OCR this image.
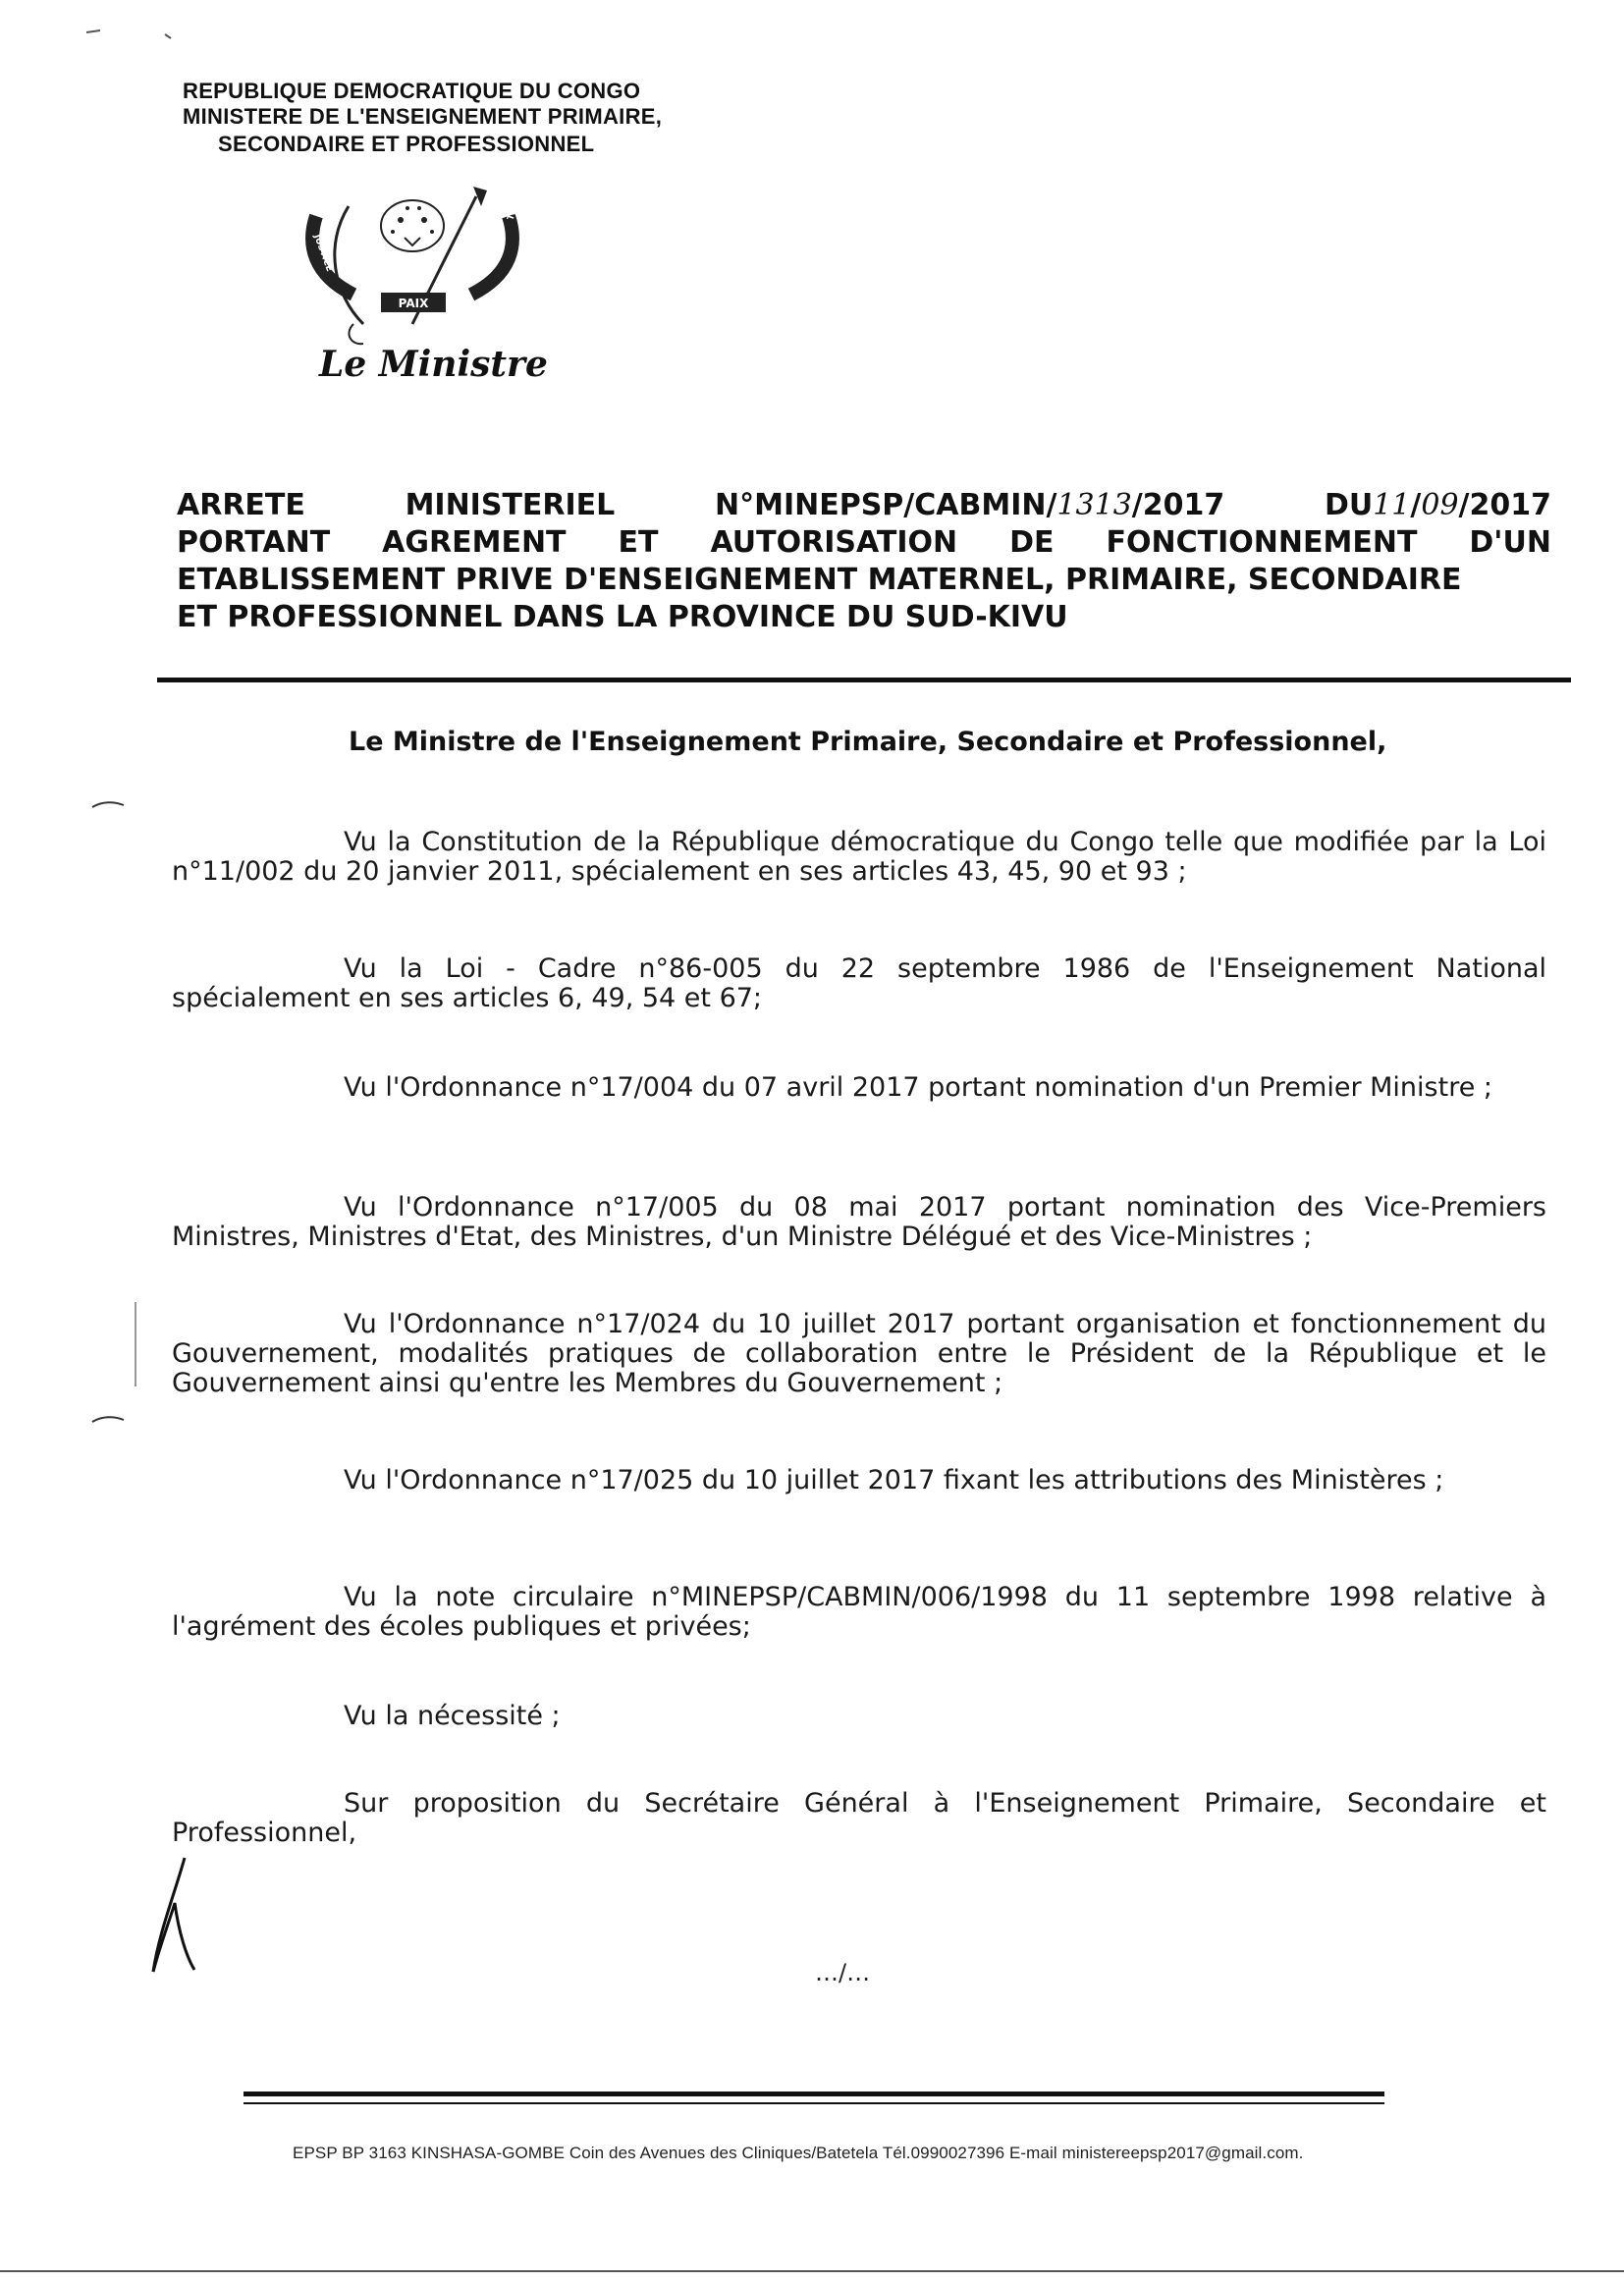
REPUBLIQUE DEMOCRATIQUE DU CONGO
MINISTERE DE L'ENSEIGNEMENT PRIMAIRE,
SECONDAIRE ET PROFESSIONNEL
PAIX
JUSTICE
TRAVAIL
Le Ministre
ARRETE	MINISTERIEL	N°MINEPSP/CABMIN/1313/2017	DU11/09/2017
PORTANT AGREMENT ET AUTORISATION DE FONCTIONNEMENT D'UN
ETABLISSEMENT PRIVE D'ENSEIGNEMENT MATERNEL, PRIMAIRE, SECONDAIRE
ET PROFESSIONNEL DANS LA PROVINCE DU SUD-KIVU
Le Ministre de l'Enseignement Primaire, Secondaire et Professionnel,
Vu la Constitution de la République démocratique du Congo telle que modifiée par la Loi n°11/002 du 20 janvier 2011, spécialement en ses articles 43, 45, 90 et 93 ;
Vu la Loi - Cadre n°86-005 du 22 septembre 1986 de l'Enseignement National spécialement en ses articles 6, 49, 54 et 67;
Vu l'Ordonnance n°17/004 du 07 avril 2017 portant nomination d'un Premier Ministre ;
Vu l'Ordonnance n°17/005 du 08 mai 2017 portant nomination des Vice-Premiers Ministres, Ministres d'Etat, des Ministres, d'un Ministre Délégué et des Vice-Ministres ;
Vu l'Ordonnance n°17/024 du 10 juillet 2017 portant organisation et fonctionnement du Gouvernement, modalités pratiques de collaboration entre le Président de la République et le Gouvernement ainsi qu'entre les Membres du Gouvernement ;
Vu l'Ordonnance n°17/025 du 10 juillet 2017 fixant les attributions des Ministères ;
Vu la note circulaire n°MINEPSP/CABMIN/006/1998 du 11 septembre 1998 relative à l'agrément des écoles publiques et privées;
Vu la nécessité ;
Sur proposition du Secrétaire Général à l'Enseignement Primaire, Secondaire et Professionnel,
…/…
EPSP BP 3163 KINSHASA-GOMBE Coin des Avenues des Cliniques/Batetela Tél.0990027396 E-mail ministereepsp2017@gmail.com.
